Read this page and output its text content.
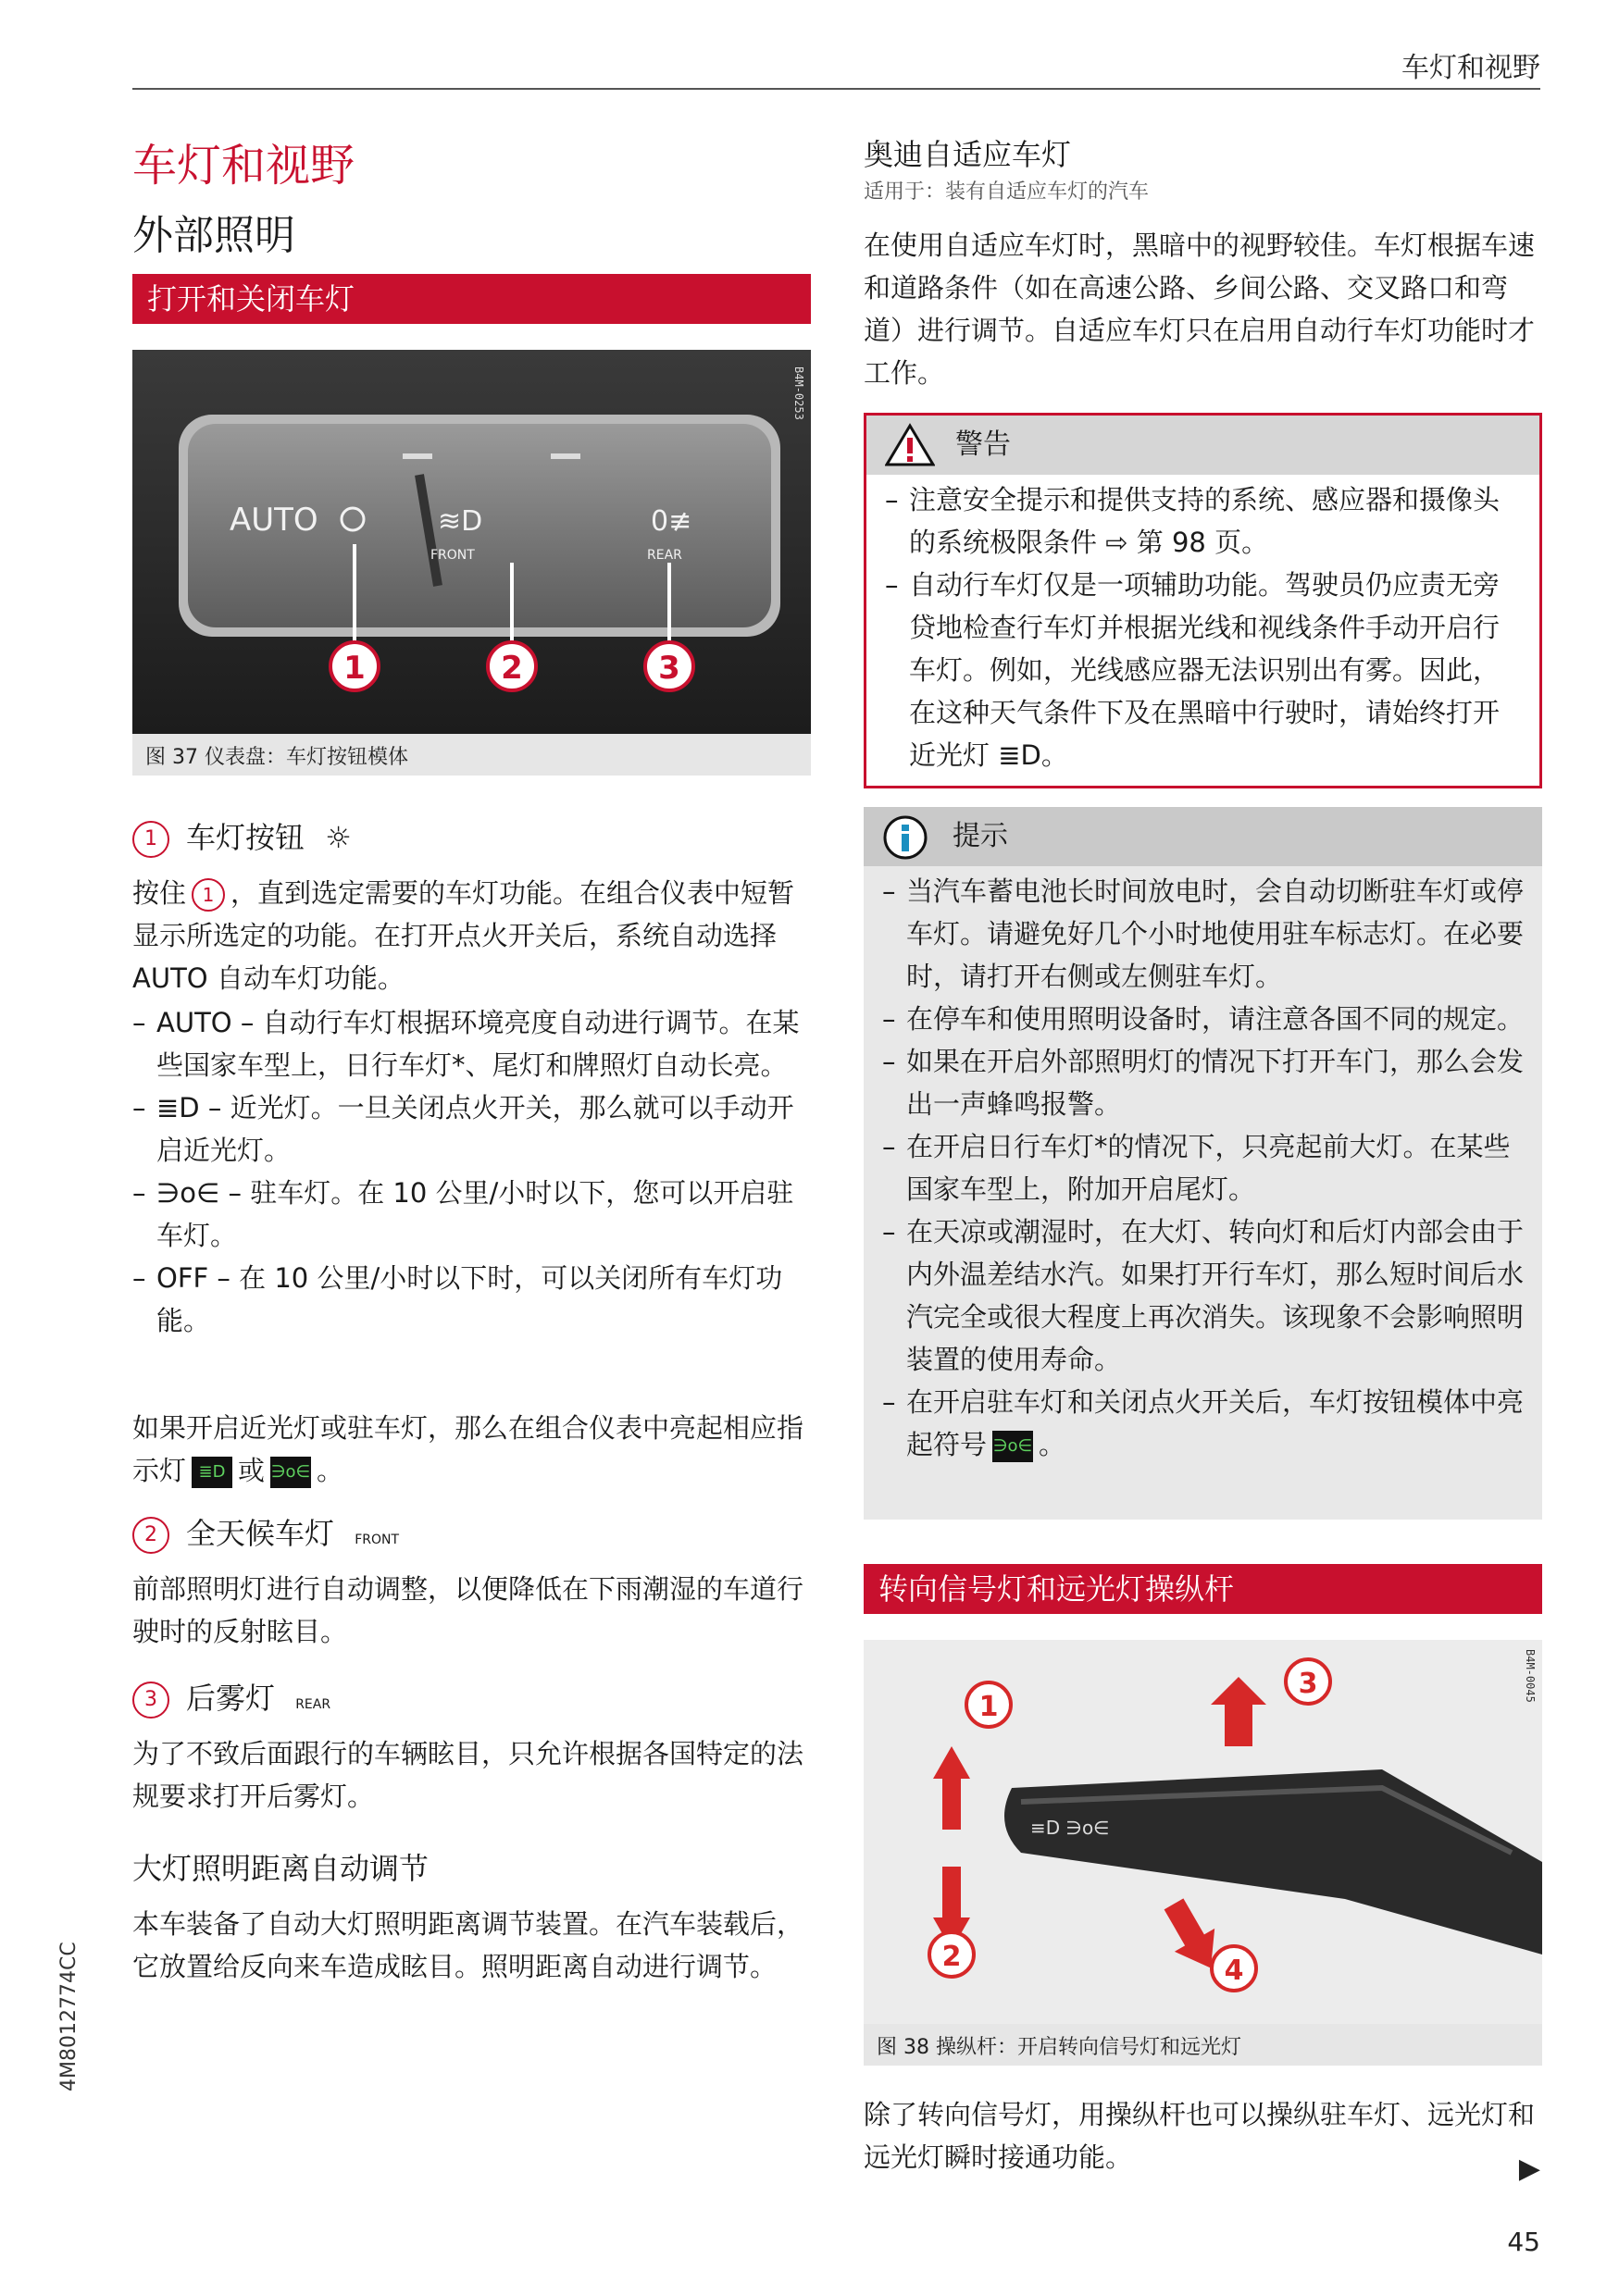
车灯和视野
车灯和视野
外部照明
打开和关闭车灯
AUTO	≋D
FRONT
0≢
REAR
1	2	3
B4M-0253
图 37 仪表盘：车灯按钮模体
1 车灯按钮 ☼
按住 1 ，直到选定需要的车灯功能。在组合仪表中短暂显示所选定的功能。在打开点火开关后，系统自动选择 AUTO 自动车灯功能。
– AUTO – 自动行车灯根据环境亮度自动进行调节。在某些国家车型上，日行车灯*、尾灯和牌照灯自动长亮。
– ≣D – 近光灯。一旦关闭点火开关，那么就可以手动开启近光灯。
– ∋o∈ – 驻车灯。在 10 公里/小时以下，您可以开启驻车灯。
– OFF – 在 10 公里/小时以下时，可以关闭所有车灯功能。
如果开启近光灯或驻车灯，那么在组合仪表中亮起相应指示灯 ≣D 或 ∋o∈ 。
2 全天候车灯 FRONT
前部照明灯进行自动调整，以便降低在下雨潮湿的车道行驶时的反射眩目。
3 后雾灯 REAR
为了不致后面跟行的车辆眩目，只允许根据各国特定的法规要求打开后雾灯。
大灯照明距离自动调节
本车装备了自动大灯照明距离调节装置。在汽车装载后，它放置给反向来车造成眩目。照明距离自动进行调节。
奥迪自适应车灯
适用于：装有自适应车灯的汽车
在使用自适应车灯时，黑暗中的视野较佳。车灯根据车速和道路条件（如在高速公路、乡间公路、交叉路口和弯道）进行调节。自适应车灯只在启用自动行车灯功能时才工作。
警告
– 注意安全提示和提供支持的系统、感应器和摄像头的系统极限条件 ⇨ 第 98 页。
– 自动行车灯仅是一项辅助功能。驾驶员仍应责无旁贷地检查行车灯并根据光线和视线条件手动开启行车灯。例如，光线感应器无法识别出有雾。因此，在这种天气条件下及在黑暗中行驶时，请始终打开近光灯 ≣D。
提示
– 当汽车蓄电池长时间放电时，会自动切断驻车灯或停车灯。请避免好几个小时地使用驻车标志灯。在必要时，请打开右侧或左侧驻车灯。
– 在停车和使用照明设备时，请注意各国不同的规定。
– 如果在开启外部照明灯的情况下打开车门，那么会发出一声蜂鸣报警。
– 在开启日行车灯*的情况下，只亮起前大灯。在某些国家车型上，附加开启尾灯。
– 在天凉或潮湿时，在大灯、转向灯和后灯内部会由于内外温差结水汽。如果打开行车灯，那么短时间后水汽完全或很大程度上再次消失。该现象不会影响照明装置的使用寿命。
– 在开启驻车灯和关闭点火开关后，车灯按钮模体中亮起符号 ∋o∈ 。
转向信号灯和远光灯操纵杆
≡D ∋o∈
1
2
3
4
B4M-0045
图 38 操纵杆：开启转向信号灯和远光灯
除了转向信号灯，用操纵杆也可以操纵驻车灯、远光灯和远光灯瞬时接通功能。	▶
45
4M8012774CC
